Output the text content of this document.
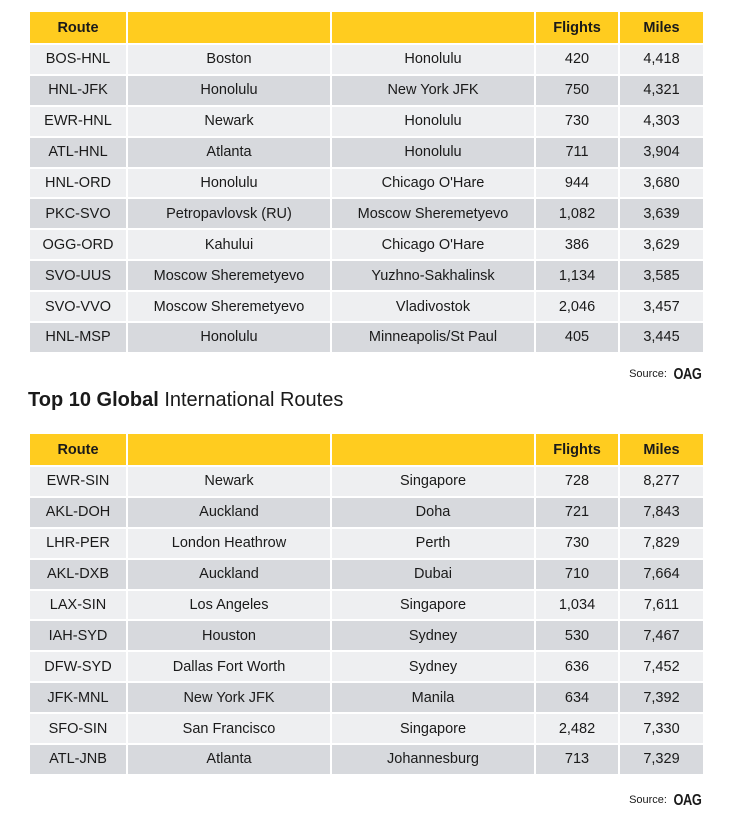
Route			Flights	Miles
BOS-HNL	Boston	Honolulu	420	4,418
HNL-JFK	Honolulu	New York JFK	750	4,321
EWR-HNL	Newark	Honolulu	730	4,303
ATL-HNL	Atlanta	Honolulu	711	3,904
HNL-ORD	Honolulu	Chicago O'Hare	944	3,680
PKC-SVO	Petropavlovsk (RU)	Moscow Sheremetyevo	1,082	3,639
OGG-ORD	Kahului	Chicago O'Hare	386	3,629
SVO-UUS	Moscow Sheremetyevo	Yuzhno-Sakhalinsk	1,134	3,585
SVO-VVO	Moscow Sheremetyevo	Vladivostok	2,046	3,457
HNL-MSP	Honolulu	Minneapolis/St Paul	405	3,445
Source: OAG
Top 10 Global International Routes
Route			Flights	Miles
EWR-SIN	Newark	Singapore	728	8,277
AKL-DOH	Auckland	Doha	721	7,843
LHR-PER	London Heathrow	Perth	730	7,829
AKL-DXB	Auckland	Dubai	710	7,664
LAX-SIN	Los Angeles	Singapore	1,034	7,611
IAH-SYD	Houston	Sydney	530	7,467
DFW-SYD	Dallas Fort Worth	Sydney	636	7,452
JFK-MNL	New York JFK	Manila	634	7,392
SFO-SIN	San Francisco	Singapore	2,482	7,330
ATL-JNB	Atlanta	Johannesburg	713	7,329
Source: OAG
